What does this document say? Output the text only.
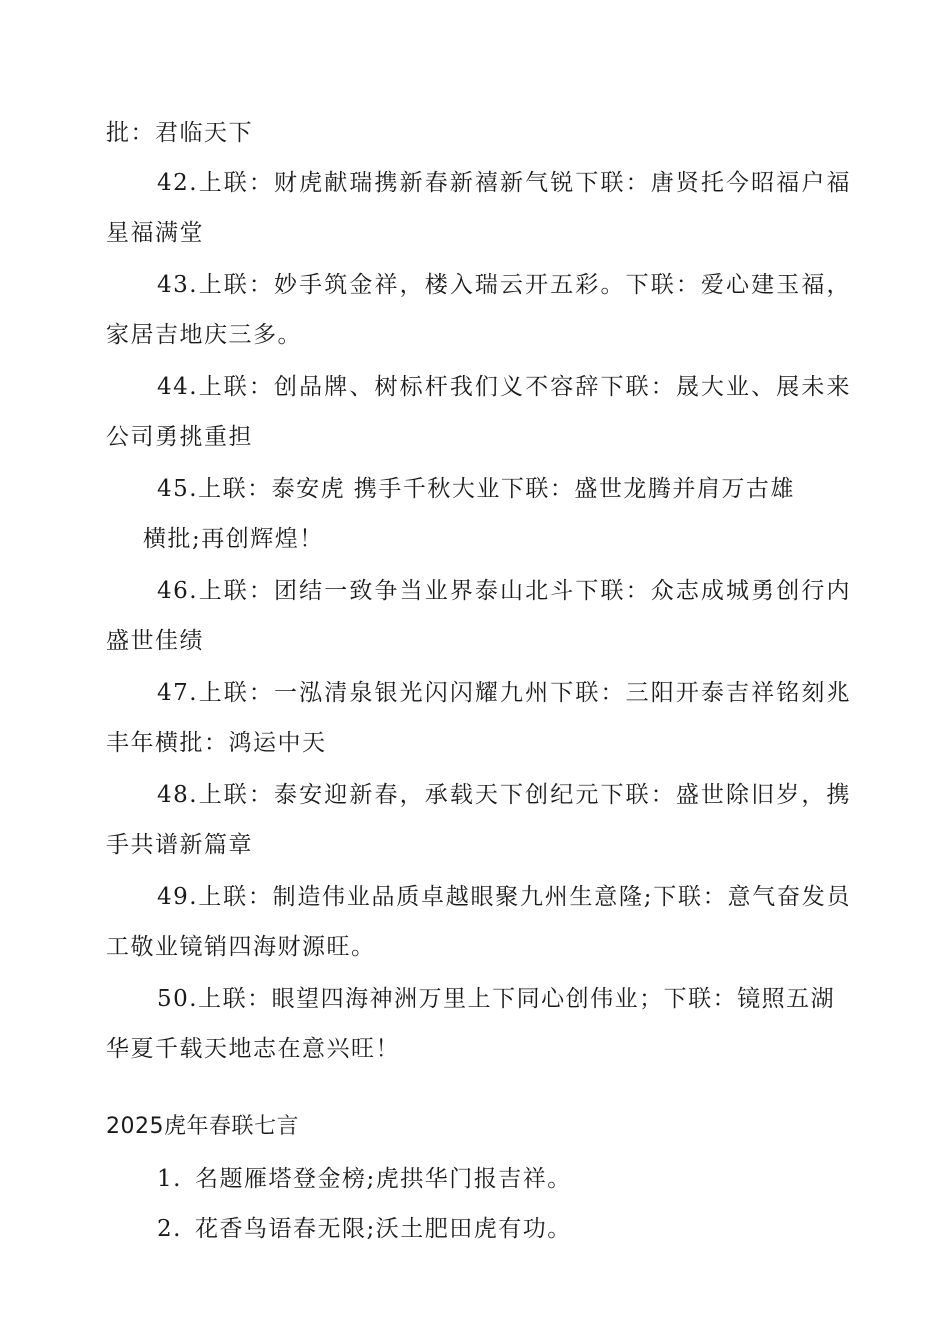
批：君临天下
42.上联：财虎献瑞携新春新禧新气锐下联：唐贤托今昭福户福
星福满堂
43.上联：妙手筑金祥，楼入瑞云开五彩。下联：爱心建玉福，
家居吉地庆三多。
44.上联：创品牌、树标杆我们义不容辞下联：晟大业、展未来
公司勇挑重担
45.上联：泰安虎 携手千秋大业下联：盛世龙腾并肩万古雄
横批;再创辉煌！
46.上联：团结一致争当业界泰山北斗下联：众志成城勇创行内
盛世佳绩
47.上联：一泓清泉银光闪闪耀九州下联：三阳开泰吉祥铭刻兆
丰年横批：鸿运中天
48.上联：泰安迎新春，承载天下创纪元下联：盛世除旧岁，携
手共谱新篇章
49.上联：制造伟业品质卓越眼聚九州生意隆;下联：意气奋发员
工敬业镜销四海财源旺。
50.上联：眼望四海神洲万里上下同心创伟业；下联：镜照五湖
华夏千载天地志在意兴旺！
2025虎年春联七言
1. 名题雁塔登金榜;虎拱华门报吉祥。
2. 花香鸟语春无限;沃土肥田虎有功。
